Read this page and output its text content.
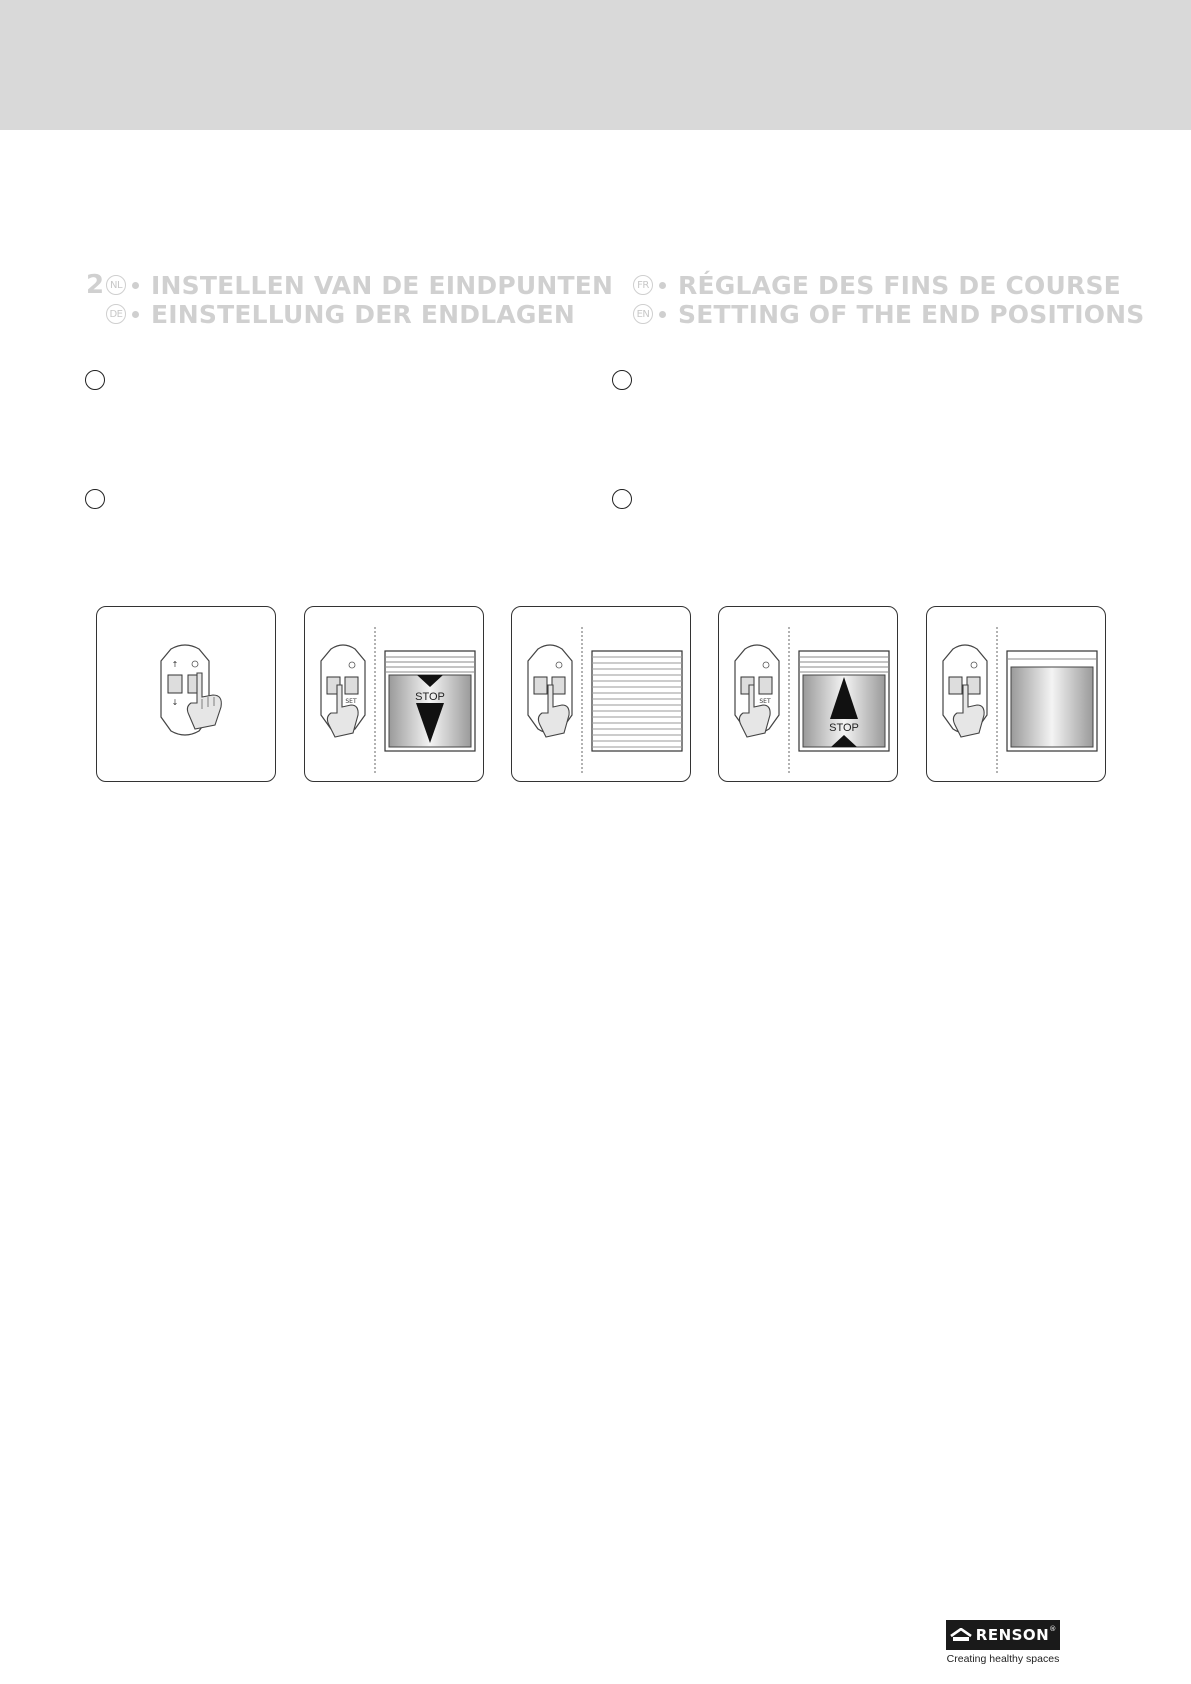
2 NL INSTELLEN VAN DE EINDPUNTEN
DE EINSTELLUNG DER ENDLAGEN
FR RÉGLAGE DES FINS DE COURSE
EN SETTING OF THE END POSITIONS
↑
↓	SET	STOP	SET
STOP
RENSON ®
Creating healthy spaces
